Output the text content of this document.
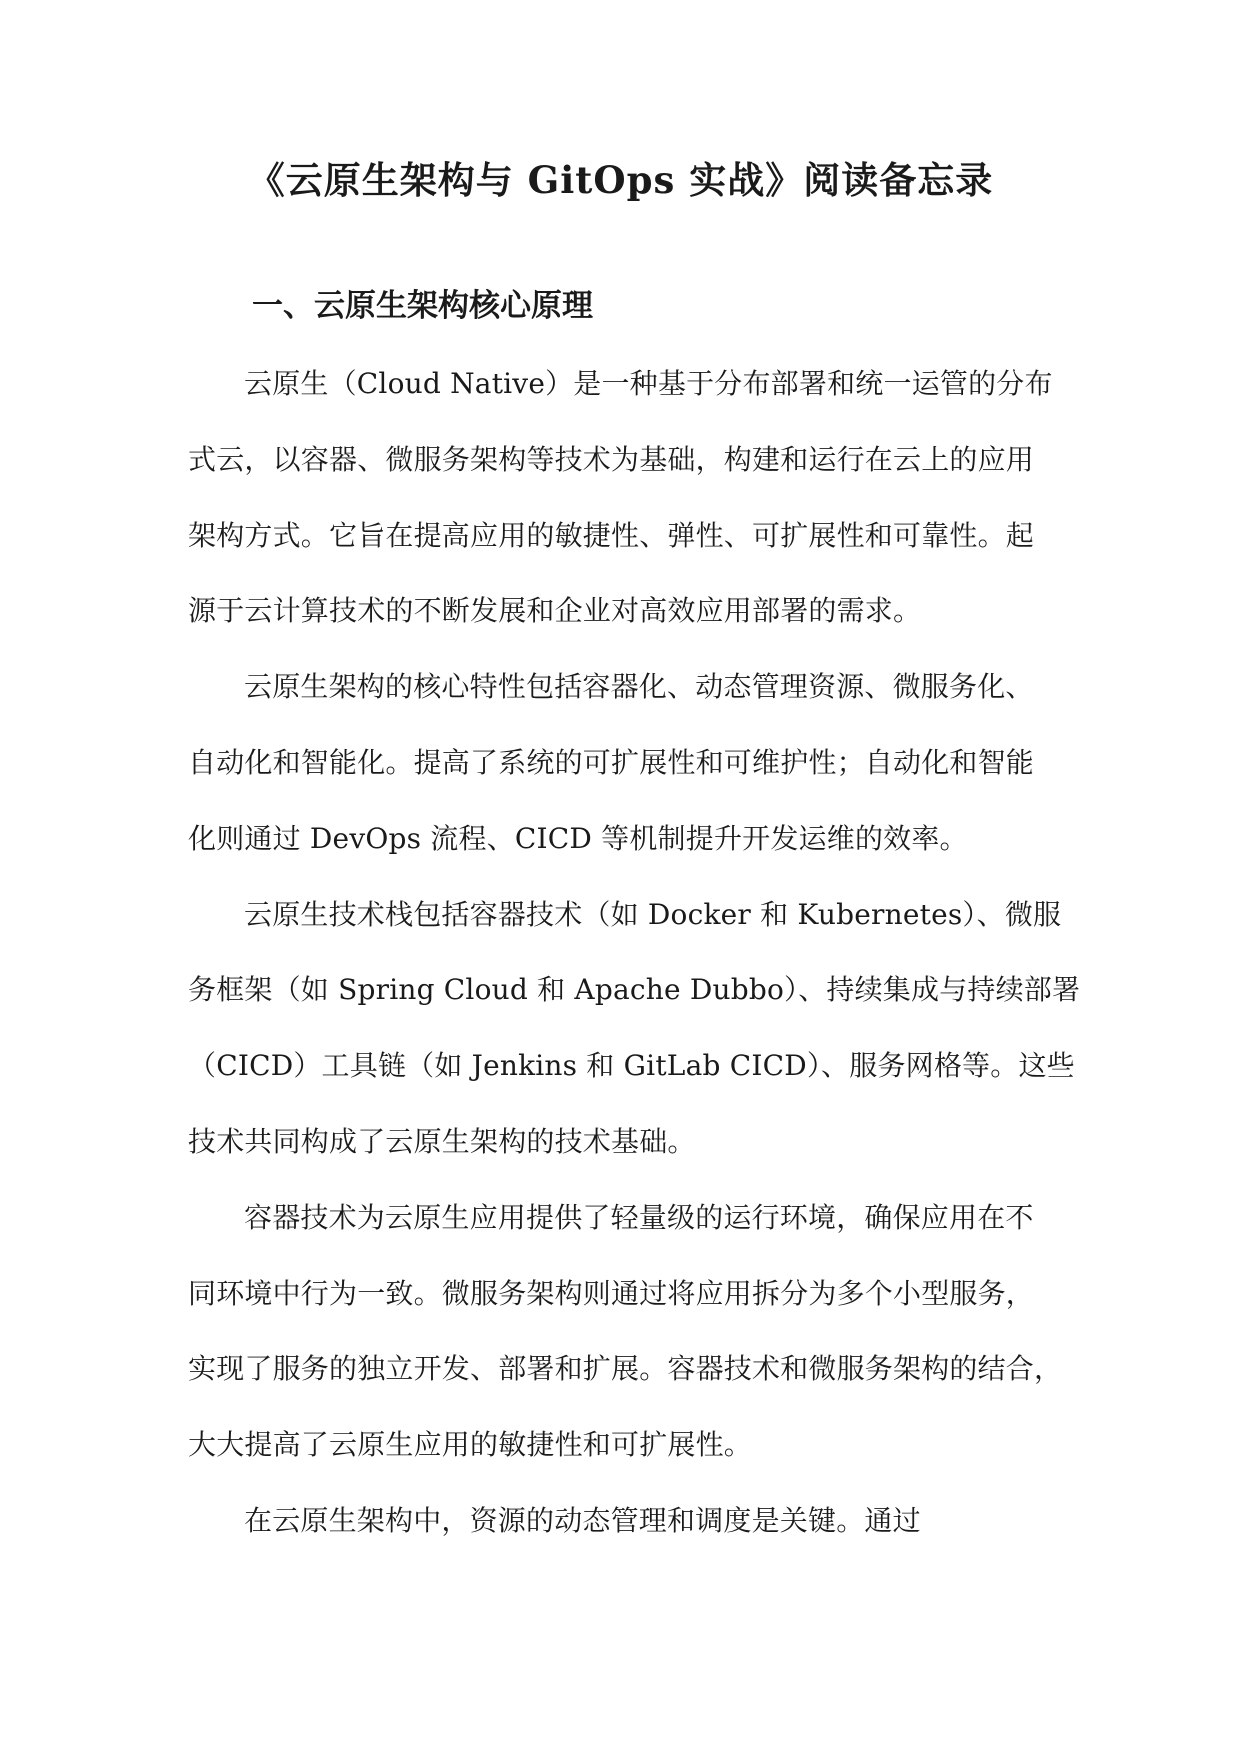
《云原生架构与 GitOps 实战》阅读备忘录
一、云原生架构核心原理

云原生（Cloud Native）是一种基于分布部署和统一运管的分布
式云，以容器、微服务架构等技术为基础，构建和运行在云上的应用
架构方式。它旨在提高应用的敏捷性、弹性、可扩展性和可靠性。起
源于云计算技术的不断发展和企业对高效应用部署的需求。

云原生架构的核心特性包括容器化、动态管理资源、微服务化、
自动化和智能化。提高了系统的可扩展性和可维护性；自动化和智能
化则通过 DevOps 流程、CICD 等机制提升开发运维的效率。

云原生技术栈包括容器技术（如 Docker 和 Kubernetes）、微服
务框架（如 Spring Cloud 和 Apache Dubbo）、持续集成与持续部署
（CICD）工具链（如 Jenkins 和 GitLab CICD）、服务网格等。这些
技术共同构成了云原生架构的技术基础。

容器技术为云原生应用提供了轻量级的运行环境，确保应用在不
同环境中行为一致。微服务架构则通过将应用拆分为多个小型服务，
实现了服务的独立开发、部署和扩展。容器技术和微服务架构的结合，
大大提高了云原生应用的敏捷性和可扩展性。

在云原生架构中，资源的动态管理和调度是关键。通过
